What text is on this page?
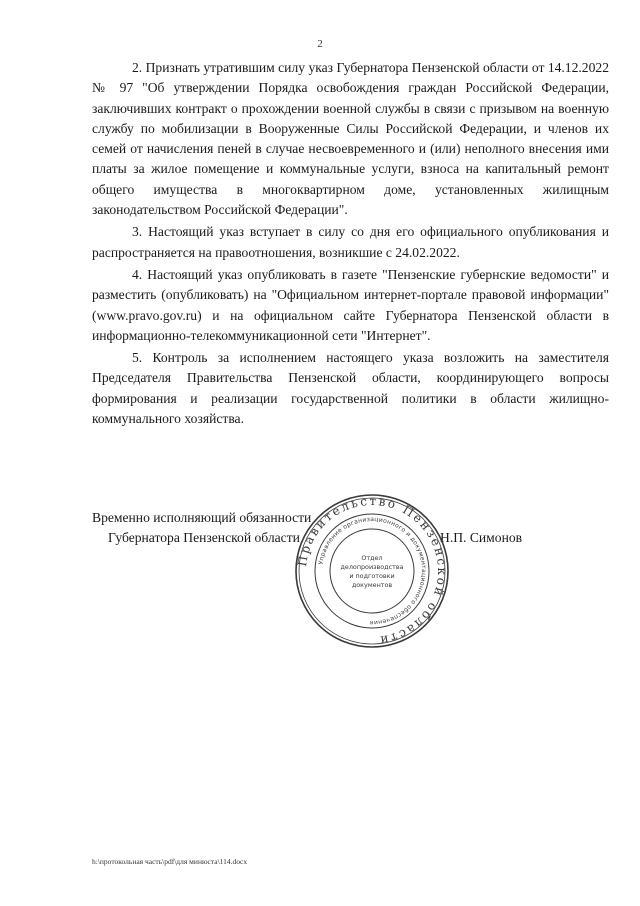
2

2. Признать утратившим силу указ Губернатора Пензенской области от 14.12.2022 № 97 "Об утверждении Порядка освобождения граждан Российской Федерации, заключивших контракт о прохождении военной службы в связи с призывом на военную службу по мобилизации в Вооруженные Силы Российской Федерации, и членов их семей от начисления пеней в случае несвоевременного и (или) неполного внесения ими платы за жилое помещение и коммунальные услуги, взноса на капитальный ремонт общего имущества в многоквартирном доме, установленных жилищным законодательством Российской Федерации".

3. Настоящий указ вступает в силу со дня его официального опубликования и распространяется на правоотношения, возникшие с 24.02.2022.

4. Настоящий указ опубликовать в газете "Пензенские губернские ведомости" и разместить (опубликовать) на "Официальном интернет-портале правовой информации" (www.pravo.gov.ru) и на официальном сайте Губернатора Пензенской области в информационно-телекоммуникационной сети "Интернет".

5. Контроль за исполнением настоящего указа возложить на заместителя Председателя Правительства Пензенской области, координирующего вопросы формирования и реализации государственной политики в области жилищно-коммунального хозяйства.

Временно исполняющий обязанности
Губернатора Пензенской области	Н.П. Симонов
Правительство Пензенской области
Управление организационного и документационного обеспечения
Отдел
делопроизводства
и подготовки
документов
h:\протокольная часть\pdf\для минюста\114.docx
